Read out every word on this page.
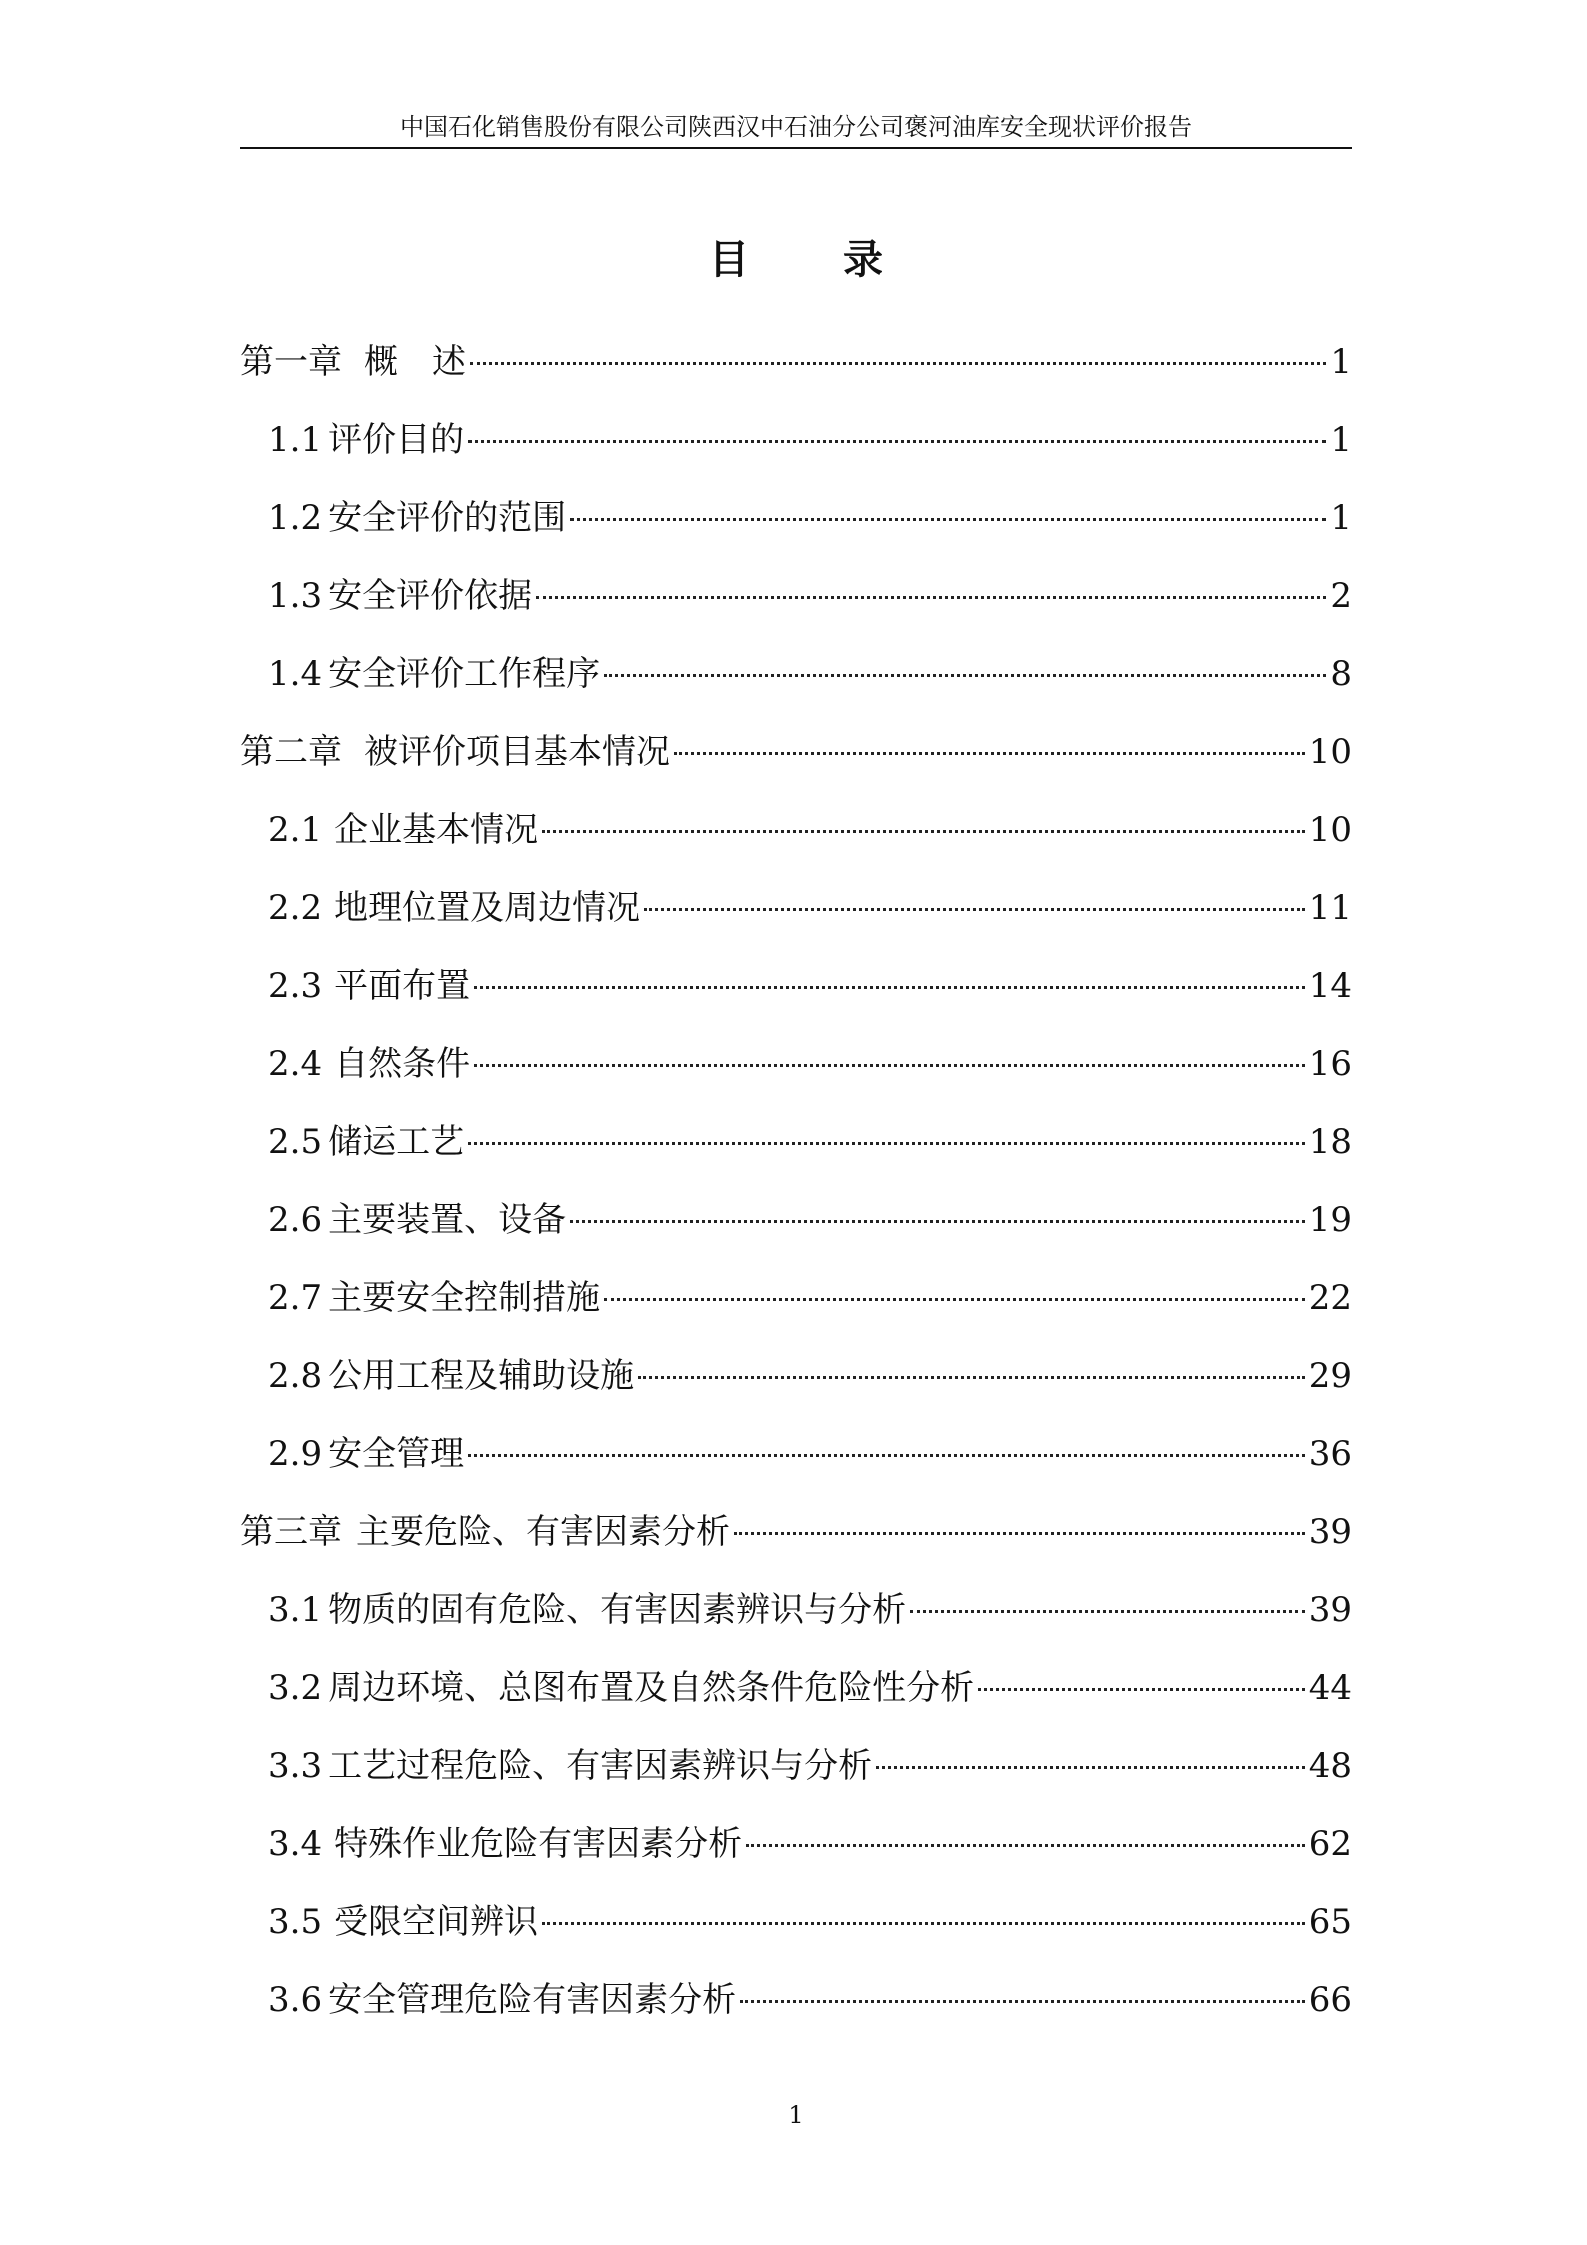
中国石化销售股份有限公司陕西汉中石油分公司褒河油库安全现状评价报告
目 录
第一章 概　述	1
1.1 评价目的	1
1.2 安全评价的范围	1
1.3 安全评价依据	2
1.4 安全评价工作程序	8
第二章 被评价项目基本情况	10
2.1 企业基本情况	10
2.2 地理位置及周边情况	11
2.3 平面布置	14
2.4 自然条件	16
2.5 储运工艺	18
2.6 主要装置、设备	19
2.7 主要安全控制措施	22
2.8 公用工程及辅助设施	29
2.9 安全管理	36
第三章 主要危险、有害因素分析	39
3.1 物质的固有危险、有害因素辨识与分析	39
3.2 周边环境、总图布置及自然条件危险性分析	44
3.3 工艺过程危险、有害因素辨识与分析	48
3.4 特殊作业危险有害因素分析	62
3.5 受限空间辨识	65
3.6 安全管理危险有害因素分析	66
1
